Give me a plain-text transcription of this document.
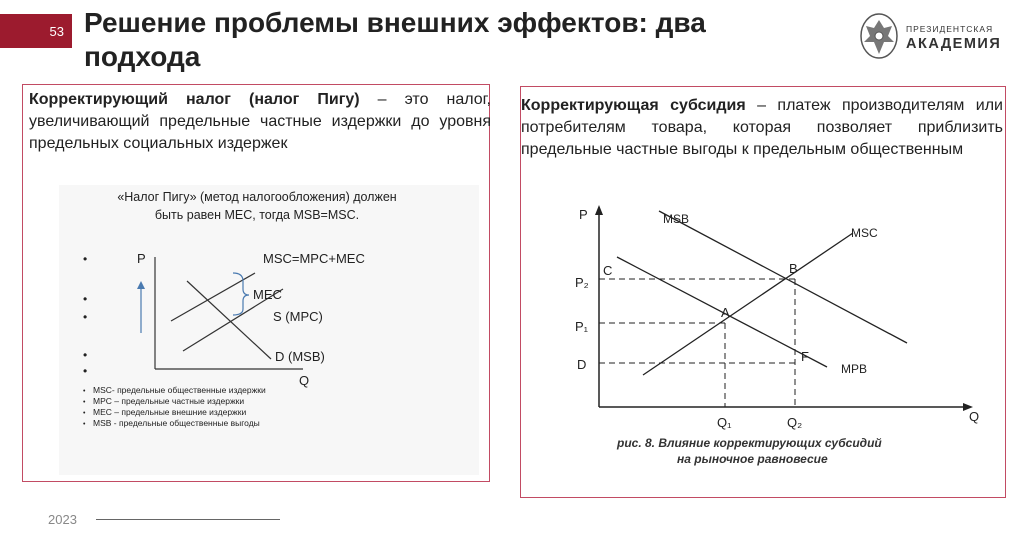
53 Решение проблемы внешних эффектов: два подхода
ПРЕЗИДЕНТСКАЯ
АКАДЕМИЯ
Корректирующий налог (налог Пигу) – это налог, увеличивающий предельные частные издержки до уровня предельных социальных издержек
«Налог Пигу» (метод налогообложения) должен
быть равен MEC, тогда MSB=MSC.
•
•
•
•
•
P
Q
MSC=MPC+MEC
MEC
S (MPC)
D (MSB)
• MSC- предельные общественные издержки
• MPC – предельные частные издержки
• MEC – предельные внешние издержки
• MSB - предельные общественные выгоды
Корректирующая субсидия – платеж производителям или потребителям товара, которая позволяет приблизить предельные частные выгоды к предельным общественным
P
Q
P₂
P₁
D
C	B
A
F
Q₁	Q₂
MSB
MSC
MPB
рис. 8. Влияние корректирующих субсидий
на рыночное равновесие
2023
